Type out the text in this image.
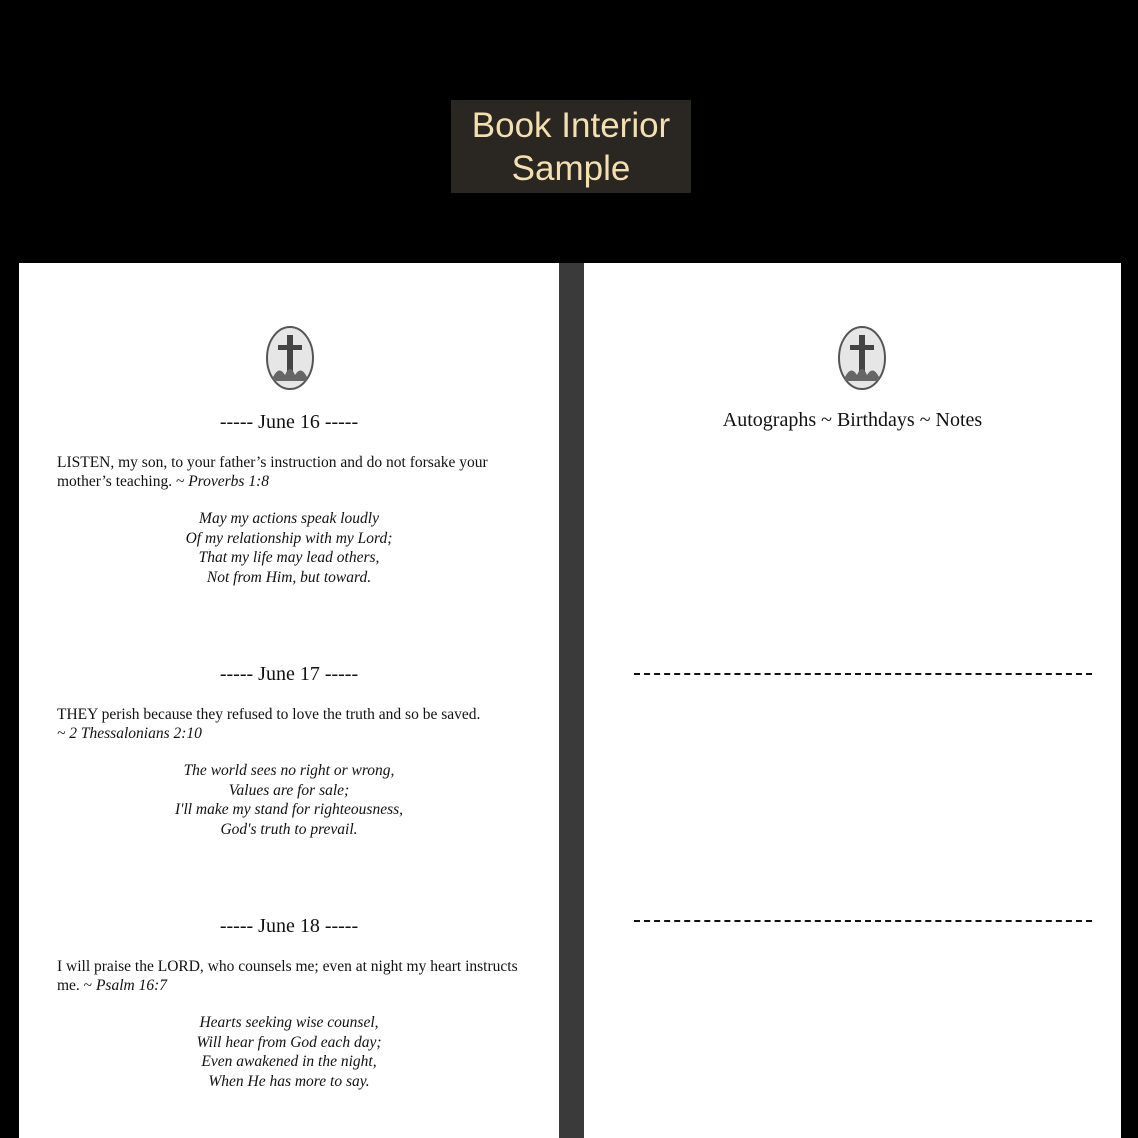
Book Interior
Sample
----- June 16 -----
LISTEN, my son, to your father’s instruction and do not forsake your mother’s teaching. ~ Proverbs 1:8
May my actions speak loudly
Of my relationship with my Lord;
That my life may lead others,
Not from Him, but toward.
----- June 17 -----
THEY perish because they refused to love the truth and so be saved.
~ 2 Thessalonians 2:10
The world sees no right or wrong,
Values are for sale;
I'll make my stand for righteousness,
God's truth to prevail.
----- June 18 -----
I will praise the LORD, who counsels me; even at night my heart instructs me. ~ Psalm 16:7
Hearts seeking wise counsel,
Will hear from God each day;
Even awakened in the night,
When He has more to say.
Autographs ~ Birthdays ~ Notes
